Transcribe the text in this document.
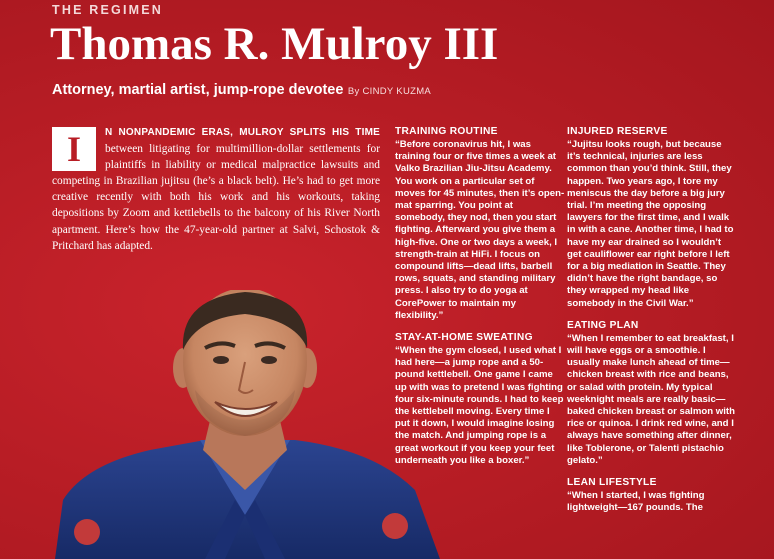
THE REGIMEN
Thomas R. Mulroy III
Attorney, martial artist, jump-rope devotee By CINDY KUZMA
I	N NONPANDEMIC ERAS, MULROY SPLITS HIS TIME between litigating for multimillion-dollar settlements for plaintiffs in liability or medical malpractice lawsuits and competing in Brazilian jujitsu (he’s a black belt). He’s had to get more creative recently with both his work and his workouts, taking depositions by Zoom and kettlebells to the balcony of his River North apartment. Here’s how the 47-year-old partner at Salvi, Schostok & Pritchard has adapted.
TRAINING ROUTINE

“Before coronavirus hit, I was training four or five times a week at Valko Brazilian Jiu-Jitsu Academy. You work on a particular set of moves for 45 minutes, then it’s open-mat sparring. You point at somebody, they nod, then you start fighting. Afterward you give them a high-five. One or two days a week, I strength-train at HiFi. I focus on compound lifts—dead lifts, barbell rows, squats, and standing military press. I also try to do yoga at CorePower to maintain my flexibility.”

STAY-AT-HOME SWEATING

“When the gym closed, I used what I had here—a jump rope and a 50-pound kettlebell. One game I came up with was to pretend I was fighting four six-minute rounds. I had to keep the kettlebell moving. Every time I put it down, I would imagine losing the match. And jumping rope is a great workout if you keep your feet underneath you like a boxer.”

INJURED RESERVE

“Jujitsu looks rough, but because it’s technical, injuries are less common than you’d think. Still, they happen. Two years ago, I tore my meniscus the day before a big jury trial. I’m meeting the opposing lawyers for the first time, and I walk in with a cane. Another time, I had to have my ear drained so I wouldn’t get cauliflower ear right before I left for a big mediation in Seattle. They didn’t have the right bandage, so they wrapped my head like somebody in the Civil War.”

EATING PLAN

“When I remember to eat breakfast, I will have eggs or a smoothie. I usually make lunch ahead of time—chicken breast with rice and beans, or salad with protein. My typical weeknight meals are really basic—baked chicken breast or salmon with rice or quinoa. I drink red wine, and I always have something after dinner, like Toblerone, or Talenti pistachio gelato.”

LEAN LIFESTYLE

“When I started, I was fighting lightweight—167 pounds. The
